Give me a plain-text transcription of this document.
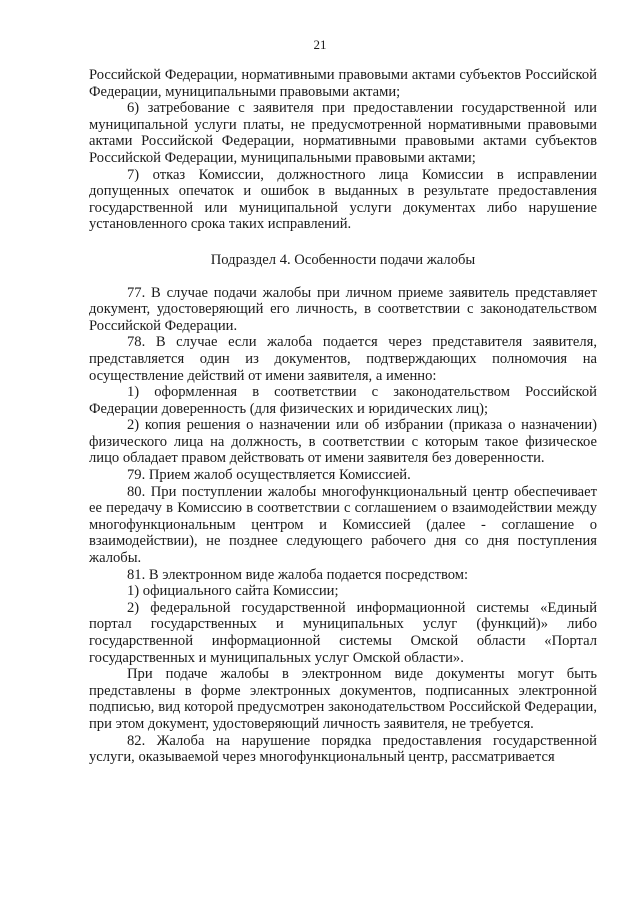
21
Российской Федерации, нормативными правовыми актами субъектов Российской Федерации, муниципальными правовыми актами;
6) затребование с заявителя при предоставлении государственной или муниципальной услуги платы, не предусмотренной нормативными правовыми актами Российской Федерации, нормативными правовыми актами субъектов Российской Федерации, муниципальными правовыми актами;
7) отказ Комиссии, должностного лица Комиссии в исправлении допущенных опечаток и ошибок в выданных в результате предоставления государственной или муниципальной услуги документах либо нарушение установленного срока таких исправлений.
Подраздел 4. Особенности подачи жалобы
77. В случае подачи жалобы при личном приеме заявитель представляет документ, удостоверяющий его личность, в соответствии с законодательством Российской Федерации.
78. В случае если жалоба подается через представителя заявителя, представляется один из документов, подтверждающих полномочия на осуществление действий от имени заявителя, а именно:
1) оформленная в соответствии с законодательством Российской Федерации доверенность (для физических и юридических лиц);
2) копия решения о назначении или об избрании (приказа о назначении) физического лица на должность, в соответствии с которым такое физическое лицо обладает правом действовать от имени заявителя без доверенности.
79. Прием жалоб осуществляется Комиссией.
80. При поступлении жалобы многофункциональный центр обеспечивает ее передачу в Комиссию в соответствии с соглашением о взаимодействии между многофункциональным центром и Комиссией (далее - соглашение о взаимодействии), не позднее следующего рабочего дня со дня поступления жалобы.
81. В электронном виде жалоба подается посредством:
1) официального сайта Комиссии;
2) федеральной государственной информационной системы «Единый портал государственных и муниципальных услуг (функций)» либо государственной информационной системы Омской области «Портал государственных и муниципальных услуг Омской области».
При подаче жалобы в электронном виде документы могут быть представлены в форме электронных документов, подписанных электронной подписью, вид которой предусмотрен законодательством Российской Федерации, при этом документ, удостоверяющий личность заявителя, не требуется.
82. Жалоба на нарушение порядка предоставления государственной услуги, оказываемой через многофункциональный центр, рассматривается
